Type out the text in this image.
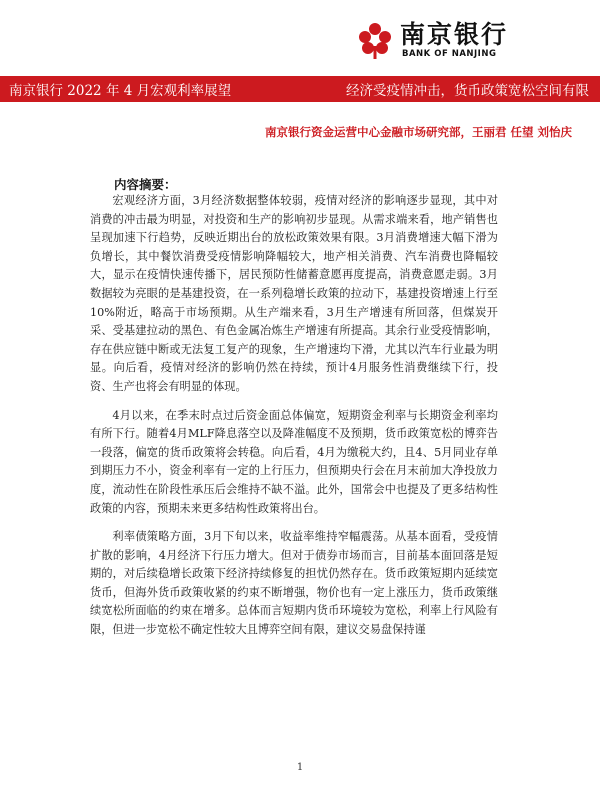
南京银行
BANK OF NANJING
南京银行 2022 年 4 月宏观利率展望	经济受疫情冲击，货币政策宽松空间有限
南京银行资金运营中心金融市场研究部，王丽君 任望 刘怡庆
内容摘要：

宏观经济方面，3月经济数据整体较弱，疫情对经济的影响逐步显现，其中对消费的冲击最为明显，对投资和生产的影响初步显现。从需求端来看，地产销售也呈现加速下行趋势，反映近期出台的放松政策效果有限。3月消费增速大幅下滑为负增长，其中餐饮消费受疫情影响降幅较大，地产相关消费、汽车消费也降幅较大，显示在疫情快速传播下，居民预防性储蓄意愿再度提高，消费意愿走弱。3月数据较为亮眼的是基建投资，在一系列稳增长政策的拉动下，基建投资增速上行至10%附近，略高于市场预期。从生产端来看，3月生产增速有所回落，但煤炭开采、受基建拉动的黑色、有色金属冶炼生产增速有所提高。其余行业受疫情影响，存在供应链中断或无法复工复产的现象，生产增速均下滑，尤其以汽车行业最为明显。向后看，疫情对经济的影响仍然在持续，预计4月服务性消费继续下行，投资、生产也将会有明显的体现。

4月以来，在季末时点过后资金面总体偏宽，短期资金利率与长期资金利率均有所下行。随着4月MLF降息落空以及降准幅度不及预期，货币政策宽松的博弈告一段落，偏宽的货币政策将会转稳。向后看，4月为缴税大约，且4、5月同业存单到期压力不小，资金利率有一定的上行压力，但预期央行会在月末前加大净投放力度，流动性在阶段性承压后会维持不缺不溢。此外，国常会中也提及了更多结构性政策的内容，预期未来更多结构性政策将出台。

利率债策略方面，3月下旬以来，收益率维持窄幅震荡。从基本面看，受疫情扩散的影响，4月经济下行压力增大。但对于债券市场而言，目前基本面回落是短期的，对后续稳增长政策下经济持续修复的担忧仍然存在。货币政策短期内延续宽货币，但海外货币政策收紧的约束不断增强，物价也有一定上涨压力，货币政策继续宽松所面临的约束在增多。总体而言短期内货币环境较为宽松，利率上行风险有限，但进一步宽松不确定性较大且博弈空间有限，建议交易盘保持谨

1
